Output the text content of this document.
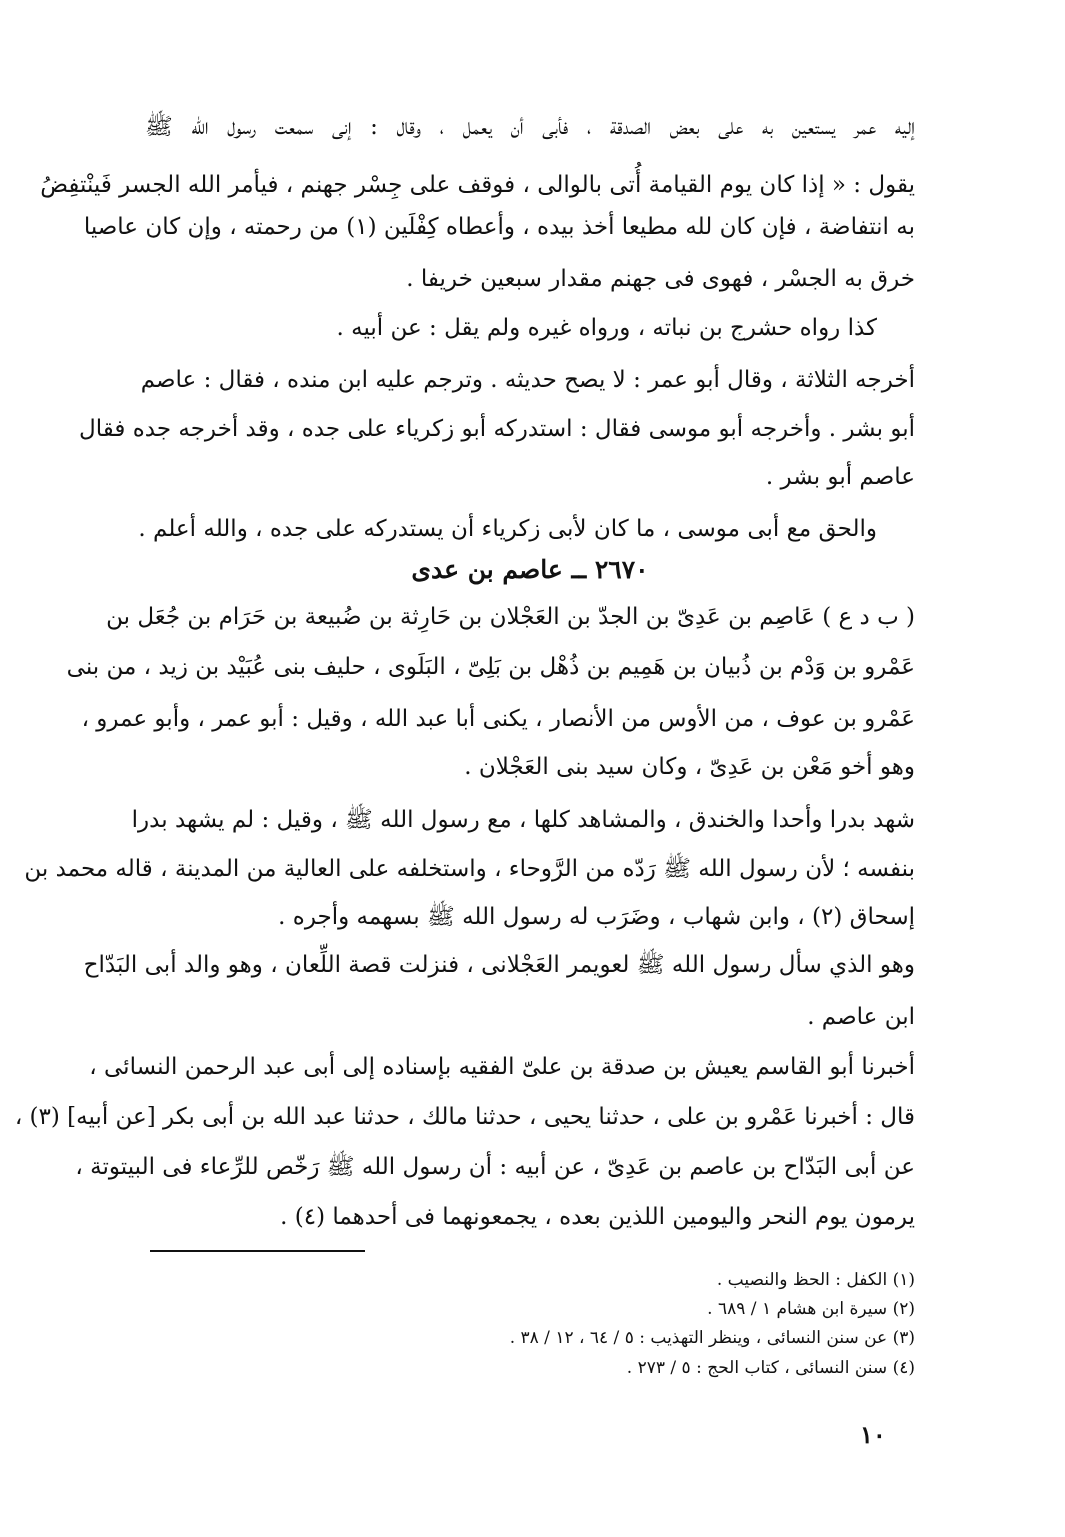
إليه عمر يستعين به على بعض الصدقة ، فأبى أن يعمل ، وقال : إنى سمعت رسول الله ﷺ
يقول : « إذا كان يوم القيامة أُتى بالوالى ، فوقف على جِسْر جهنم ، فيأمر الله الجسر فَينْتفِضُ
به انتفاضة ، فإن كان لله مطيعا أخذ بيده ، وأعطاه كِفْلَين (١) من رحمته ، وإن كان عاصيا
خرق به الجسْر ، فهوى فى جهنم مقدار سبعين خريفا .
كذا رواه حشرج بن نباته ، ورواه غيره ولم يقل : عن أبيه .
أخرجه الثلاثة ، وقال أبو عمر : لا يصح حديثه . وترجم عليه ابن منده ، فقال : عاصم
أبو بشر . وأخرجه أبو موسى فقال : استدركه أبو زكرياء على جده ، وقد أخرجه جده فقال
عاصم أبو بشر .
والحق مع أبى موسى ، ما كان لأبى زكرياء أن يستدركه على جده ، والله أعلم .
٢٦٧٠ ــ عاصم بن عدى
( ب د ع ) عَاصِم بن عَدِىّ بن الجدّ بن العَجْلان بن حَارِثة بن ضُبيعة بن حَرَام بن جُعَل بن
عَمْرو بن وَدْم بن ذُبيان بن هَمِيم بن ذُهْل بن بَلِىّ ، البَلَوى ، حليف بنى عُبَيْد بن زيد ، من بنى
عَمْرو بن عوف ، من الأوس من الأنصار ، يكنى أبا عبد الله ، وقيل : أبو عمر ، وأبو عمرو ،
وهو أخو مَعْن بن عَدِىّ ، وكان سيد بنى العَجْلان .
شهد بدرا وأحدا والخندق ، والمشاهد كلها ، مع رسول الله ﷺ ، وقيل : لم يشهد بدرا
بنفسه ؛ لأن رسول الله ﷺ رَدّه من الرَّوحاء ، واستخلفه على العالية من المدينة ، قاله محمد بن
إسحاق (٢) ، وابن شهاب ، وضَرَب له رسول الله ﷺ بسهمه وأجره .
وهو الذي سأل رسول الله ﷺ لعويمر العَجْلانى ، فنزلت قصة اللِّعان ، وهو والد أبى البَدّاح
ابن عاصم .
أخبرنا أبو القاسم يعيش بن صدقة بن علىّ الفقيه بإسناده إلى أبى عبد الرحمن النسائى ،
قال : أخبرنا عَمْرو بن على ، حدثنا يحيى ، حدثنا مالك ، حدثنا عبد الله بن أبى بكر [عن أبيه] (٣) ،
عن أبى البَدّاح بن عاصم بن عَدِىّ ، عن أبيه : أن رسول الله ﷺ رَخّص للرِّعاء فى البيتوتة ،
يرمون يوم النحر واليومين اللذين بعده ، يجمعونهما فى أحدهما (٤) .
(١) الكفل : الحظ والنصيب .
(٢) سيرة ابن هشام ١ / ٦٨٩ .
(٣) عن سنن النسائى ، وينظر التهذيب : ٥ / ٦٤ ، ١٢ / ٣٨ .
(٤) سنن النسائى ، كتاب الحج : ٥ / ٢٧٣ .
١٠
